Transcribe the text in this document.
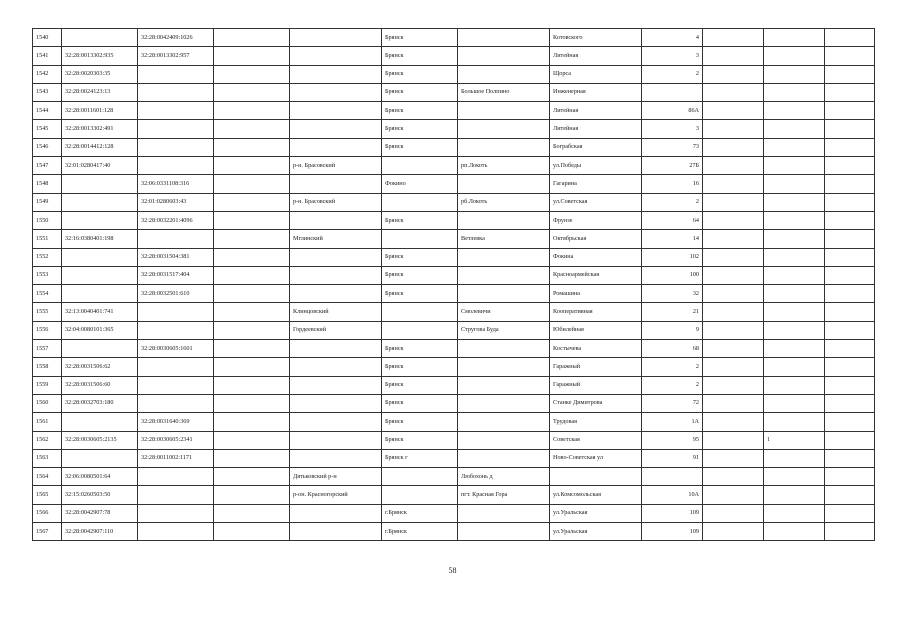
1540		32:28:0042409:1026			Брянск		Котовского	4			
1541	32:28:0013302:935	32:28:0013302:957			Брянск		Литейная	3			
1542	32:28:0020303:35				Брянск		Щорса	2			
1543	32:28:0024123:13				Брянск	Большое Полпино	Инженерная				
1544	32:28:0011601:128				Брянск		Литейная	86А			
1545	32:28:0013302:491				Брянск		Литейная	3			
1546	32:28:0014412:128				Брянск		Бограбская	73			
1547	32:01:0280417:40			р-н. Брасовский		рп.Локоть	ул.Победы	27Б			
1548		32:06:0331108:316			Фокино		Гагарина	16			
1549		32:01:0280603:43		р-н. Брасовский		рб.Локоть	ул.Советская	2			
1550		32:28:0032201:4096			Брянск		Фрунзе	64			
1551	32:16:0380401:198			Мглинский		Ветлевка	Октябрьская	14			
1552		32:28:0031504:381			Брянск		Фокина	102			
1553		32:28:0031517:404			Брянск		Красноармейская	100			
1554		32:28:0032501:610			Брянск		Ромашина	32			
1555	32:13:0040401:741			Клинцовский		Смолевичи	Кооперативная	21			
1556	32:04:0080101:365			Гордеевский		Струговa Буда	Юбилейная	9			
1557		32:28:0030605:1601			Брянск		Костычева	68			
1558	32:28:0031506:62				Брянск		Гаражный	2			
1559	32:28:0031506:60				Брянск		Гаражный	2			
1560	32:28:0032703:180				Брянск		Станке Димитрова	72			
1561		32:28:0031640:369			Брянск		Трудовая	1А			
1562	32:28:0030605:2135	32:28:0030605:2341			Брянск		Советская	95		1	
1563		32:28:0011002:1171			Брянск г		Ново-Советская ул	91			
1564	32:06:0080501:64			Дятьковский р-н		Любохонь д					
1565	32:15:0260503:50			р-он. Красногорский		пгт. Красная Гора	ул.Комсомольская	10А			
1566	32:28:0042907:78				г.Брянск		ул.Уральская	109			
1567	32:28:0042907:110				г.Брянск		ул.Уральская	109			
58
